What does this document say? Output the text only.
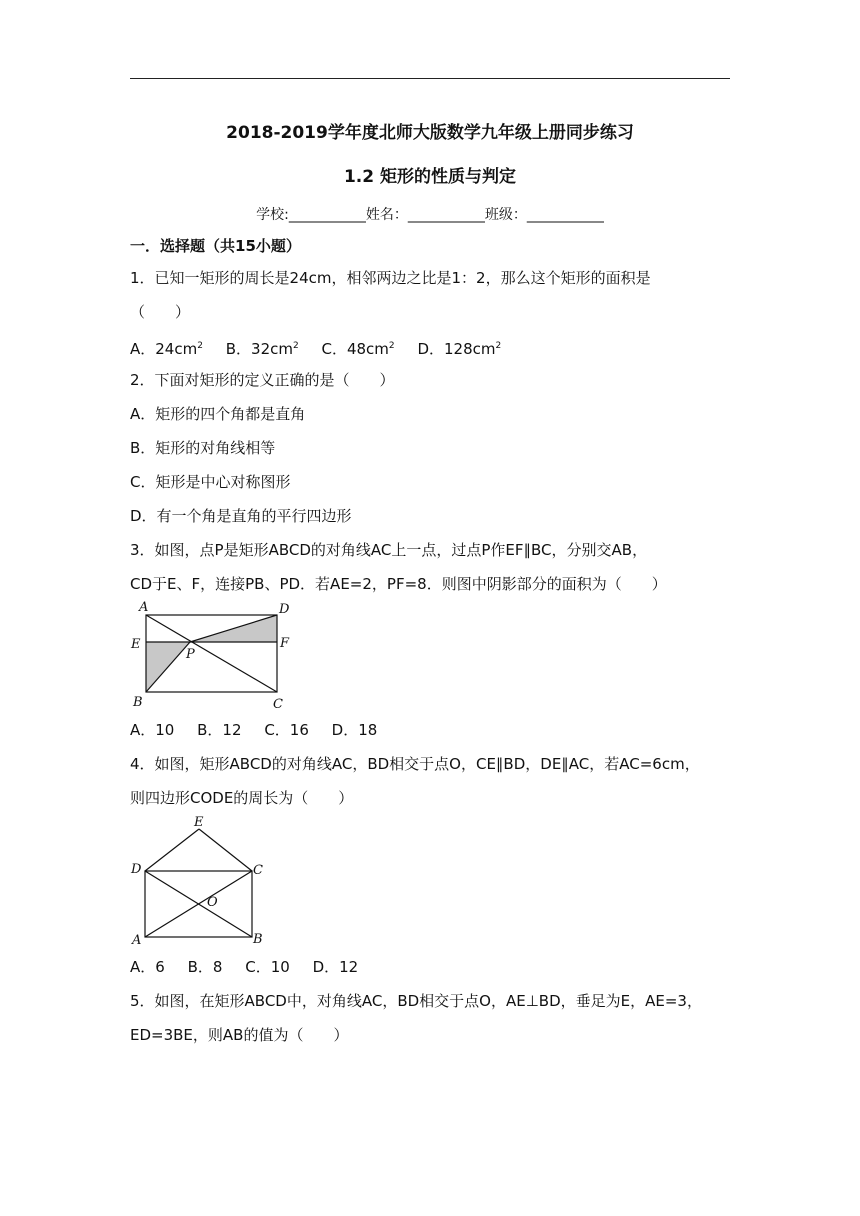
2018-2019学年度北师大版数学九年级上册同步练习
1.2 矩形的性质与判定
学校:___________姓名：___________班级：___________
一．选择题（共15小题）
1．已知一矩形的周长是24cm，相邻两边之比是1：2，那么这个矩形的面积是
（　　）
A．$24cm^2$ B．$32cm^2$ C．$48cm^2$ D．$128cm^2$
2．下面对矩形的定义正确的是（　　）
A．矩形的四个角都是直角
B．矩形的对角线相等
C．矩形是中心对称图形
D．有一个角是直角的平行四边形
3．如图，点P是矩形ABCD的对角线AC上一点，过点P作EF∥BC，分别交AB，
CD于E、F，连接PB、PD．若AE=2，PF=8．则图中阴影部分的面积为（　　）
A	D
E	F
P
B	C
A．10 B．12 C．16 D．18
4．如图，矩形ABCD的对角线AC，BD相交于点O，CE∥BD，DE∥AC，若AC=6cm，
则四边形CODE的周长为（　　）
E
D	C
O
A	B
A．6 B．8 C．10 D．12
5．如图，在矩形ABCD中，对角线AC，BD相交于点O，AE⊥BD，垂足为E，AE=3，
ED=3BE，则AB的值为（　　）
